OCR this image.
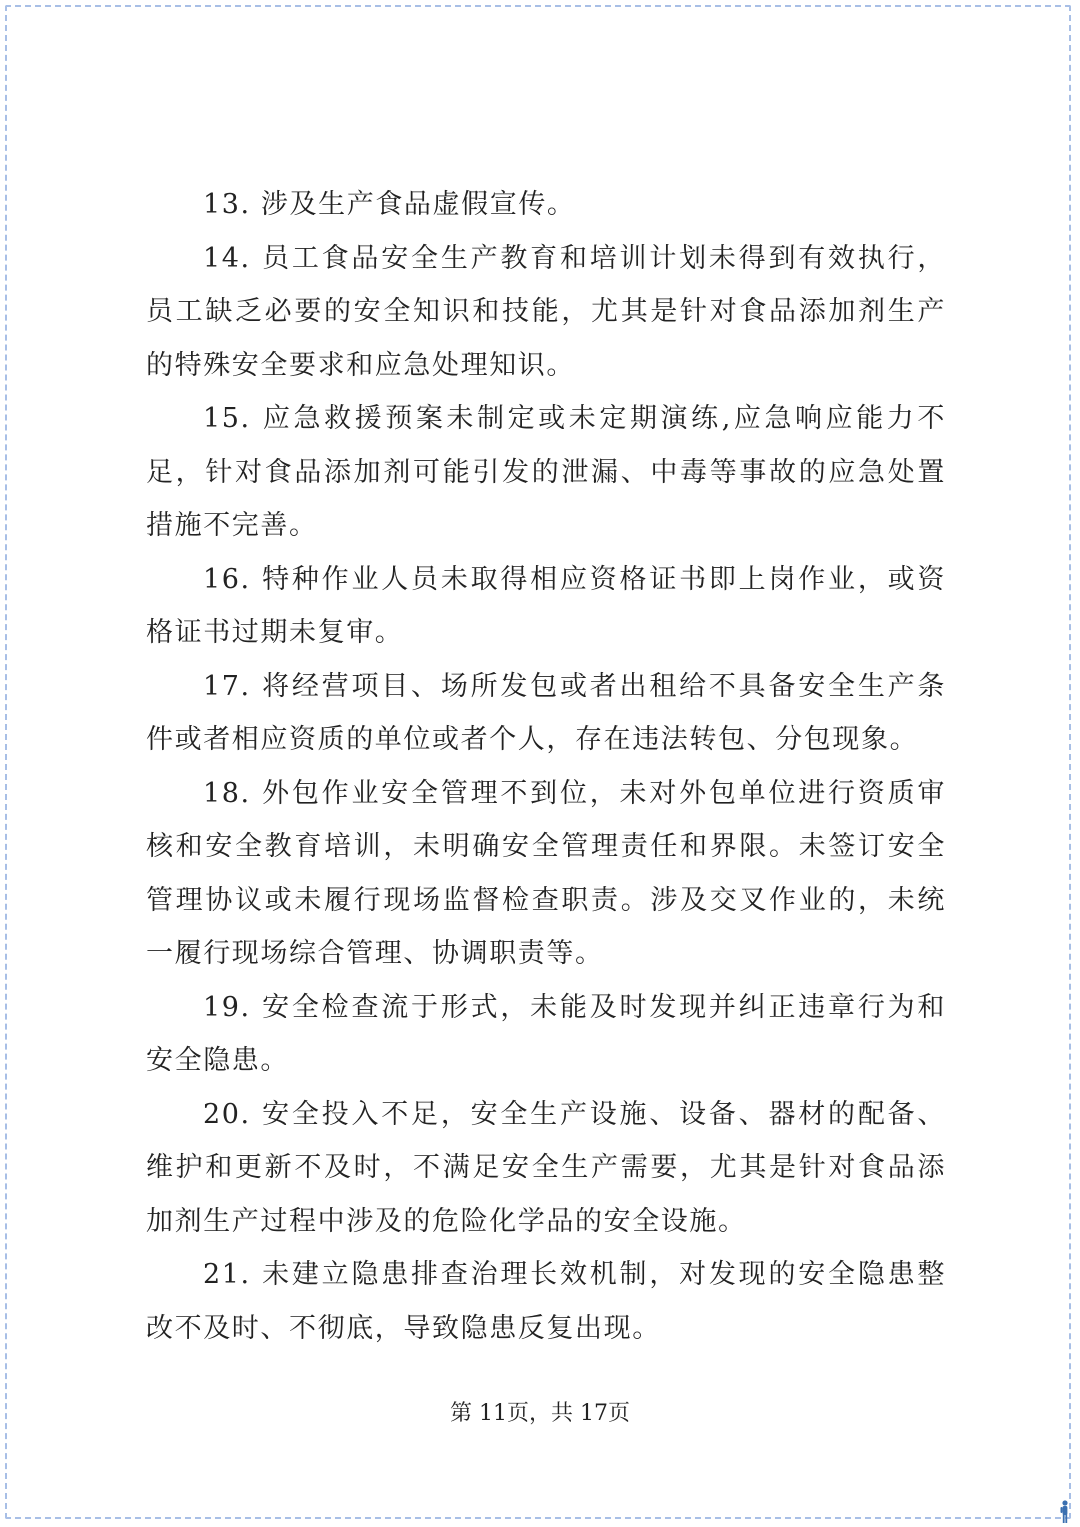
13. 涉及生产食品虚假宣传。

14. 员工食品安全生产教育和培训计划未得到有效执行，员工缺乏必要的安全知识和技能，尤其是针对食品添加剂生产的特殊安全要求和应急处理知识。

15. 应急救援预案未制定或未定期演练,应急响应能力不足，针对食品添加剂可能引发的泄漏、中毒等事故的应急处置措施不完善。

16. 特种作业人员未取得相应资格证书即上岗作业，或资格证书过期未复审。

17. 将经营项目、场所发包或者出租给不具备安全生产条件或者相应资质的单位或者个人，存在违法转包、分包现象。

18. 外包作业安全管理不到位，未对外包单位进行资质审核和安全教育培训，未明确安全管理责任和界限。未签订安全管理协议或未履行现场监督检查职责。涉及交叉作业的，未统一履行现场综合管理、协调职责等。

19. 安全检查流于形式，未能及时发现并纠正违章行为和安全隐患。

20. 安全投入不足，安全生产设施、设备、器材的配备、维护和更新不及时，不满足安全生产需要，尤其是针对食品添加剂生产过程中涉及的危险化学品的安全设施。

21. 未建立隐患排查治理长效机制，对发现的安全隐患整改不及时、不彻底，导致隐患反复出现。

第 11页，共 17页
